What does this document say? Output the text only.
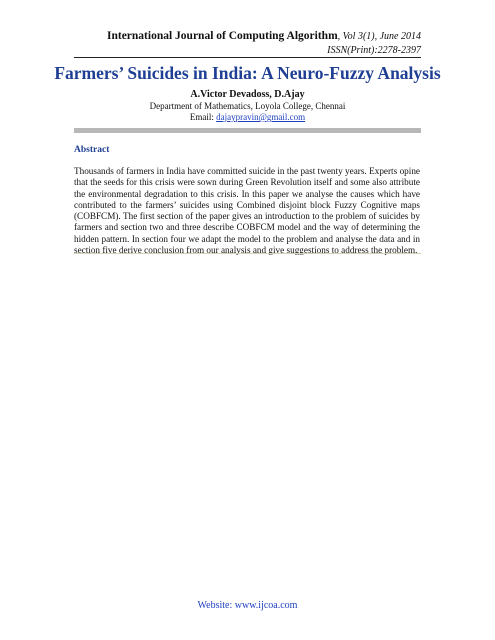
International Journal of Computing Algorithm, Vol 3(1), June 2014
ISSN(Print):2278-2397
Farmers’ Suicides in India: A Neuro-Fuzzy Analysis
A.Victor Devadoss, D.Ajay
Department of Mathematics, Loyola College, Chennai
Email: dajaypravin@gmail.com
Abstract
Thousands of farmers in India have committed suicide in the past twenty years. Experts opine that the seeds for this crisis were sown during Green Revolution itself and some also attribute the environmental degradation to this crisis. In this paper we analyse the causes which have contributed to the farmers’ suicides using Combined disjoint block Fuzzy Cognitive maps (COBFCM). The first section of the paper gives an introduction to the problem of suicides by farmers and section two and three describe COBFCM model and the way of determining the hidden pattern. In section four we adapt the model to the problem and analyse the data and in section five derive conclusion from our analysis and give suggestions to address the problem.
Website: www.ijcoa.com
